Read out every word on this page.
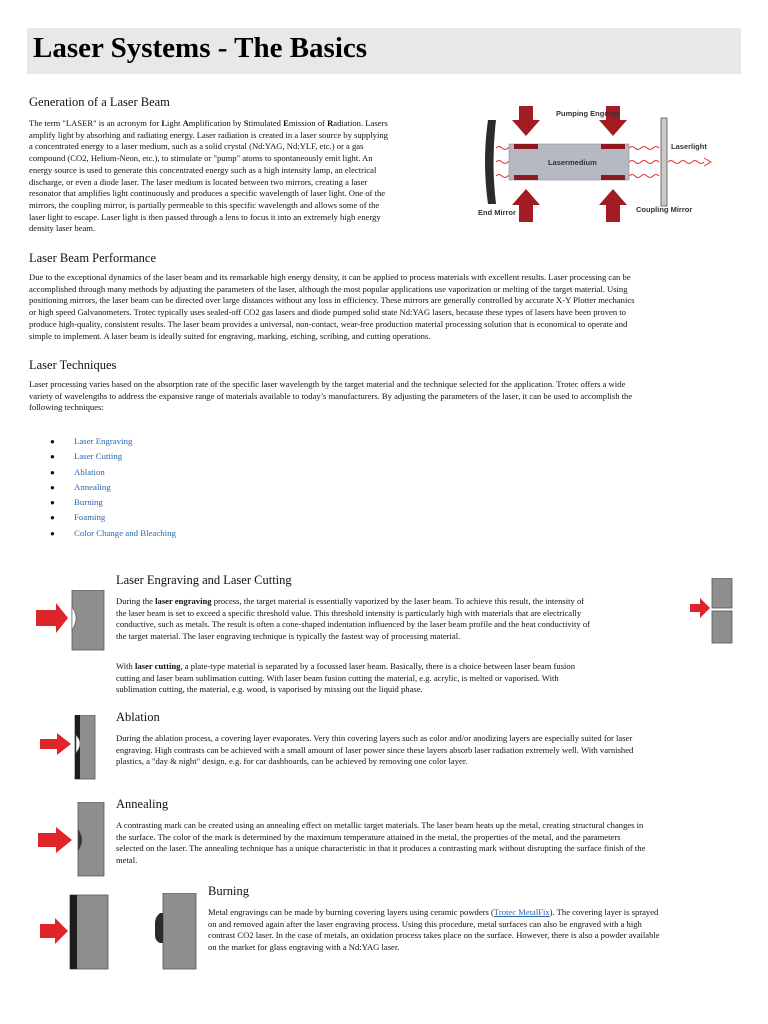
Laser Systems - The Basics
Generation of a Laser Beam

The term "LASER" is an acronym for Light Amplification by Stimulated Emission of Radiation. Lasers

amplify light by absorbing and radiating energy. Laser radiation is created in a laser source by supplying

a concentrated energy to a laser medium, such as a solid crystal (Nd:YAG, Nd:YLF, etc.) or a gas

compound (CO2, Helium-Neon, etc.), to stimulate or "pump" atoms to spontaneously emit light. An

energy source is used to generate this concentrated energy such as a high intensity lamp, an electrical

discharge, or even a diode laser. The laser medium is located between two mirrors, creating a laser

resonator that amplifies light continuously and produces a specific wavelength of laser light. One of the

mirrors, the coupling mirror, is partially permeable to this specific wavelength and allows some of the

laser light to escape. Laser light is then passed through a lens to focus it into an extremely high energy

density laser beam.

Pumping Engergy
Lasermedium
Laserlight
End Mirror	Coupling Mirror
Laser Beam Performance

Due to the exceptional dynamics of the laser beam and its remarkable high energy density, it can be applied to process materials with excellent results. Laser processing can be

accomplished through many methods by adjusting the parameters of the laser, although the most popular applications use vaporization or melting of the target material. Using

positioning mirrors, the laser beam can be directed over large distances without any loss in efficiency. These mirrors are generally controlled by accurate X-Y Plotter mechanics

or high speed Galvanometers. Trotec typically uses sealed-off CO2 gas lasers and diode pumped solid state Nd:YAG lasers, because these types of lasers have been proven to

produce high-quality, consistent results. The laser beam provides a universal, non-contact, wear-free production material processing solution that is economical to operate and

simple to implement. A laser beam is ideally suited for engraving, marking, etching, scribing, and cutting operations.

Laser Techniques

Laser processing varies based on the absorption rate of the specific laser wavelength by the target material and the technique selected for the application. Trotec offers a wide

variety of wavelengths to address the expansive range of materials available to today’s manufacturers. By adjusting the parameters of the laser, it can be used to accomplish the

following techniques:

● Laser Engraving
● Laser Cutting
● Ablation
● Annealing
● Burning
● Foaming
● Color Change and Bleaching
Laser Engraving and Laser Cutting

During the laser engraving process, the target material is essentially vaporized by the laser beam. To achieve this result, the intensity of

the laser beam is set to exceed a specific threshold value. This threshold intensity is particularly high with materials that are electrically

conductive, such as metals. The result is often a cone-shaped indentation influenced by the laser beam profile and the heat conductivity of

the target material. The laser engraving technique is typically the fastest way of processing material.

With laser cutting, a plate-type material is separated by a focussed laser beam. Basically, there is a choice between laser beam fusion

cutting and laser beam sublimation cutting. With laser beam fusion cutting the material, e.g. acrylic, is melted or vaporised. With

sublimation cutting, the material, e.g. wood, is vaporised by missing out the liquid phase.

Ablation

During the ablation process, a covering layer evaporates. Very thin covering layers such as color and/or anodizing layers are especially suited for laser

engraving. High contrasts can be achieved with a small amount of laser power since these layers absorb laser radiation extremely well. With varnished

plastics, a "day & night" design, e.g. for car dashboards, can be achieved by removing one color layer.

Annealing

A contrasting mark can be created using an annealing effect on metallic target materials. The laser beam heats up the metal, creating structural changes in

the surface. The color of the mark is determined by the maximum temperature attained in the metal, the properties of the metal, and the parameters

selected on the laser. The annealing technique has a unique characteristic in that it produces a contrasting mark without disrupting the surface finish of the

metal.

Burning

Metal engravings can be made by burning covering layers using ceramic powders (Trotec MetalFix). The covering layer is sprayed

on and removed again after the laser engraving process. Using this procedure, metal surfaces can also be engraved with a high

contrast CO2 laser. In the case of metals, an oxidation process takes place on the surface. However, there is also a powder available

on the market for glass engraving with a Nd:YAG laser.
